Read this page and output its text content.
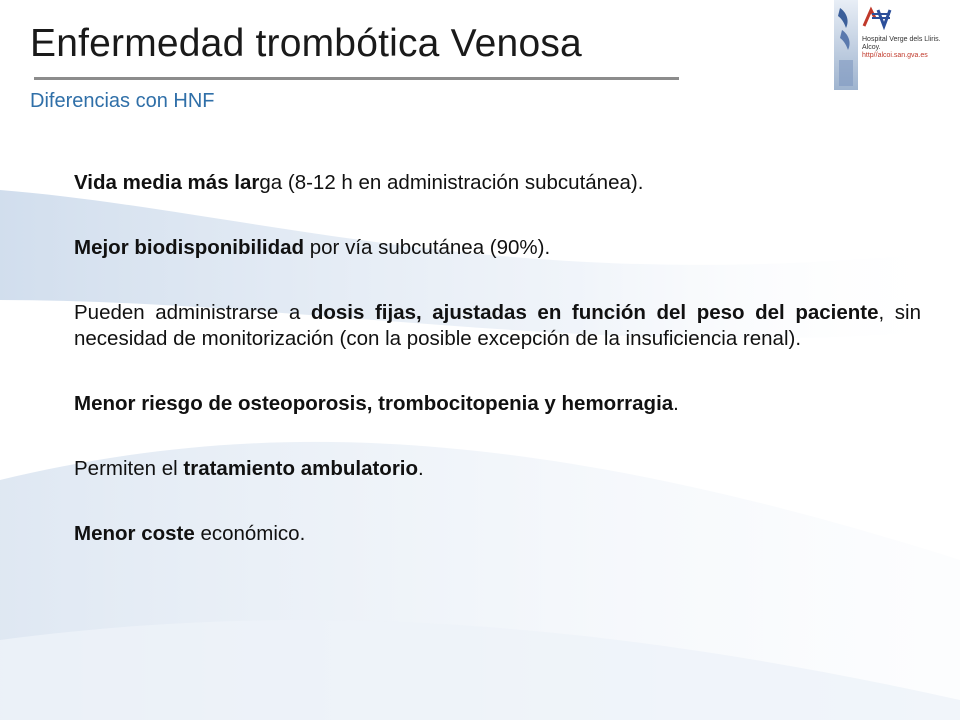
Enfermedad trombótica Venosa
Diferencias con HNF
Hospital Verge dels Lliris.
Alcoy.
http//alcoi.san.gva.es

Vida media más larga (8-12 h en administración subcutánea).

Mejor biodisponibilidad por vía subcutánea (90%).

Pueden administrarse a dosis fijas, ajustadas en función del peso del paciente, sin necesidad de monitorización (con la posible excepción de la insuficiencia renal).

Menor riesgo de osteoporosis, trombocitopenia y hemorragia.

Permiten el tratamiento ambulatorio.

Menor coste económico.
